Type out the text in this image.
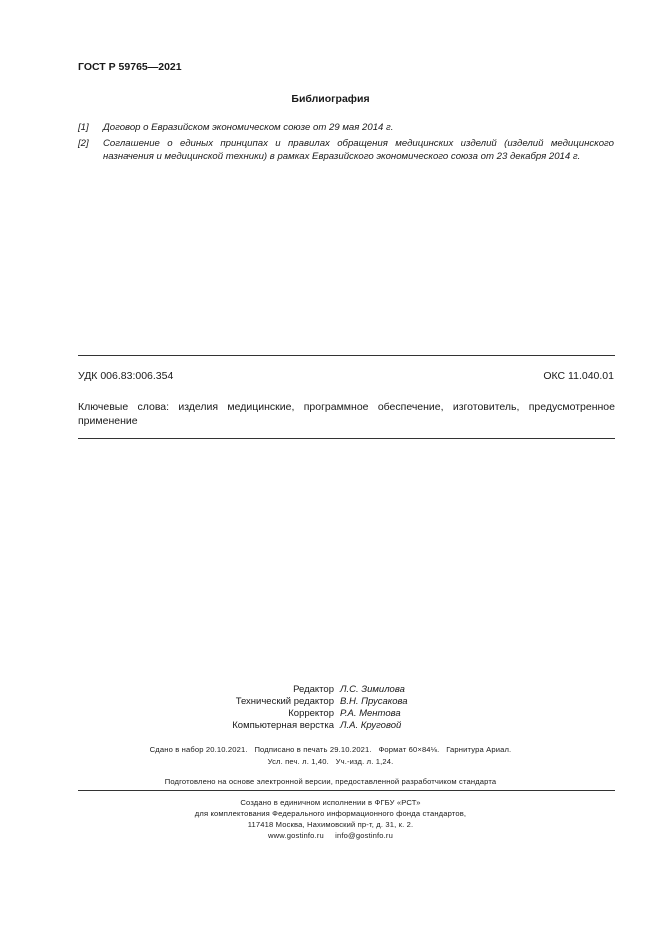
ГОСТ Р 59765—2021
Библиография
[1]	Договор о Евразийском экономическом союзе от 29 мая 2014 г.
[2]	Соглашение о единых принципах и правилах обращения медицинских изделий (изделий медицинского назначения и медицинской техники) в рамках Евразийского экономического союза от 23 декабря 2014 г.
УДК 006.83:006.354	ОКС 11.040.01
Ключевые слова: изделия медицинские, программное обеспечение, изготовитель, предусмотренное
применение
Редактор Л.С. Зимилова
Технический редактор В.Н. Прусакова
Корректор Р.А. Ментова
Компьютерная верстка Л.А. Круговой
Сдано в набор 20.10.2021.   Подписано в печать 29.10.2021.   Формат 60×84⅛.   Гарнитура Ариал.
Усл. печ. л. 1,40.   Уч.-изд. л. 1,24.
Подготовлено на основе электронной версии, предоставленной разработчиком стандарта
Создано в единичном исполнении в ФГБУ «РСТ»
для комплектования Федерального информационного фонда стандартов,
117418 Москва, Нахимовский пр-т, д. 31, к. 2.
www.gostinfo.ru     info@gostinfo.ru
